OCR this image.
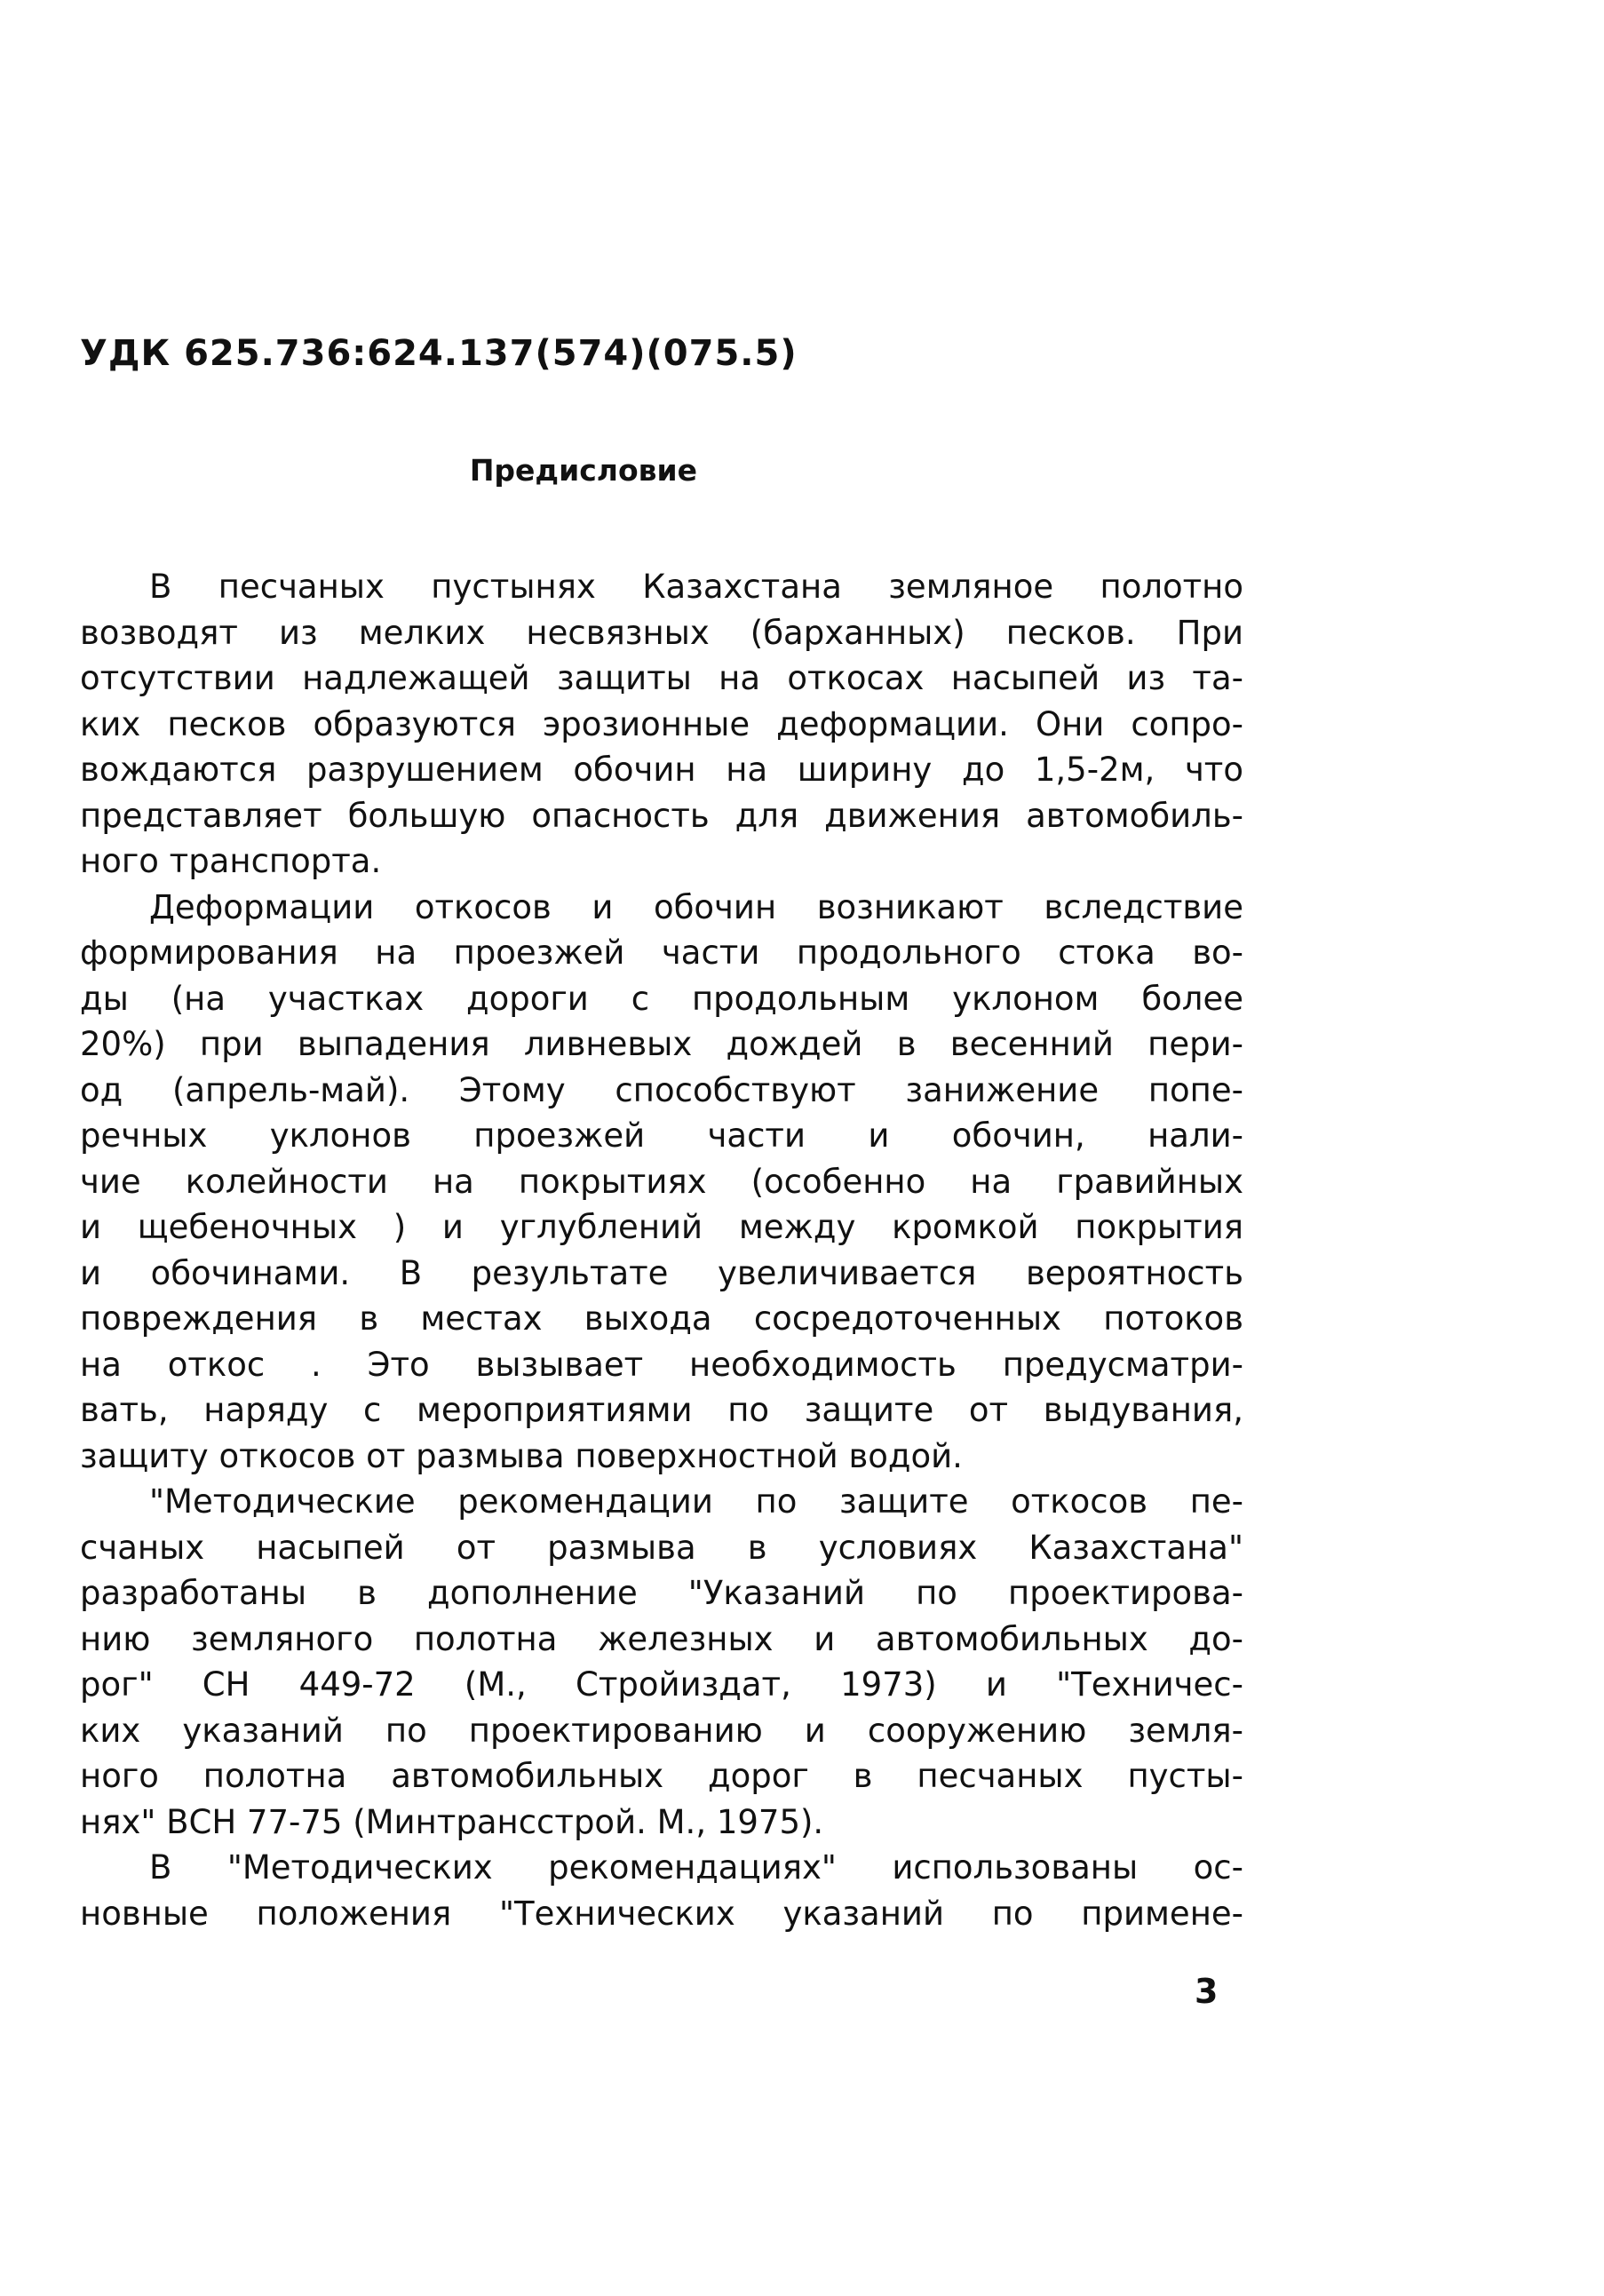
УДК 625.736:624.137(574)(075.5)
Предисловие
В песчаных пустынях Казахстана земляное полотно
возводят из мелких несвязных (барханных) песков. При
отсутствии надлежащей защиты на откосах насыпей из та-
ких песков образуются эрозионные деформации. Они сопро-
вождаются разрушением обочин на ширину до 1,5-2м, что
представляет большую опасность для движения автомобиль-
ного транспорта.
Деформации откосов и обочин возникают вследствие
формирования на проезжей части продольного стока во-
ды (на участках дороги с продольным уклоном более
20%) при выпадения ливневых дождей в весенний пери-
од (апрель-май). Этому способствуют занижение попе-
речных уклонов проезжей части и обочин, нали-
чие колейности на покрытиях (особенно на гравийных
и щебеночных ) и углублений между кромкой покрытия
и обочинами. В результате увеличивается вероятность
повреждения в местах выхода сосредоточенных потоков
на откос . Это вызывает необходимость предусматри-
вать, наряду с мероприятиями по защите от выдувания,
защиту откосов от размыва поверхностной водой.
"Методические рекомендации по защите откосов пе-
счаных насыпей от размыва в условиях Казахстана"
разработаны в дополнение "Указаний по проектирова-
нию земляного полотна железных и автомобильных до-
рог" СН 449-72 (М., Стройиздат, 1973) и "Техничес-
ких указаний по проектированию и сооружению земля-
ного полотна автомобильных дорог в песчаных пусты-
нях" ВСН 77-75 (Минтрансстрой. М., 1975).
В "Методических рекомендациях" использованы ос-
новные положения "Технических указаний по примене-
3
